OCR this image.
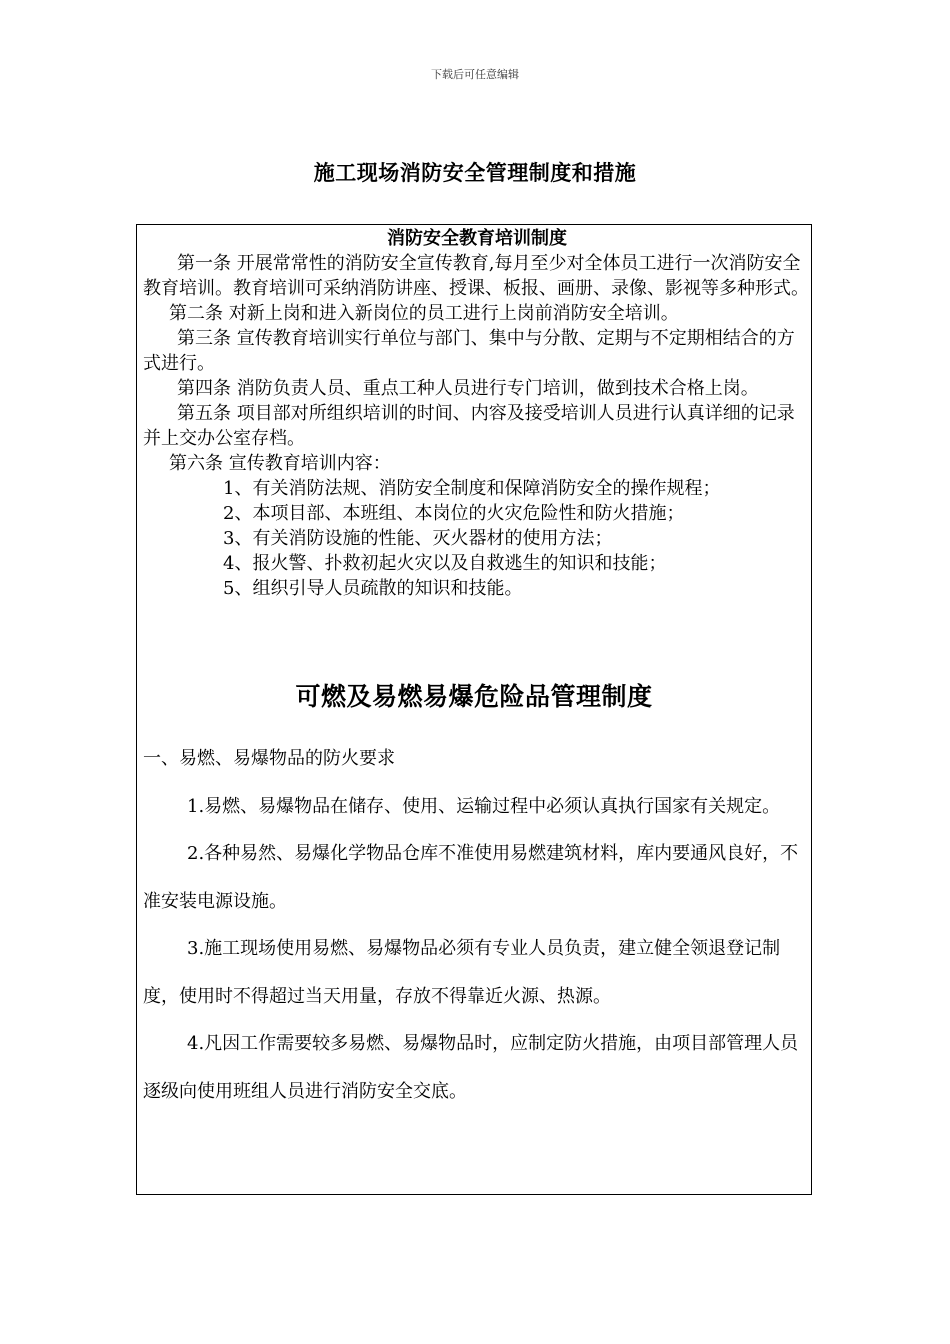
下载后可任意编辑
施工现场消防安全管理制度和措施
消防安全教育培训制度

第一条 开展常常性的消防安全宣传教育,每月至少对全体员工进行一次消防安全教育培训。教育培训可采纳消防讲座、授课、板报、画册、录像、影视等多种形式。

第二条 对新上岗和进入新岗位的员工进行上岗前消防安全培训。

第三条 宣传教育培训实行单位与部门、集中与分散、定期与不定期相结合的方式进行。

第四条 消防负责人员、重点工种人员进行专门培训，做到技术合格上岗。

第五条 项目部对所组织培训的时间、内容及接受培训人员进行认真详细的记录并上交办公室存档。

第六条 宣传教育培训内容：

1、有关消防法规、消防安全制度和保障消防安全的操作规程；

2、本项目部、本班组、本岗位的火灾危险性和防火措施；

3、有关消防设施的性能、灭火器材的使用方法；

4、报火警、扑救初起火灾以及自救逃生的知识和技能；

5、组织引导人员疏散的知识和技能。

可燃及易燃易爆危险品管理制度

一、易燃、易爆物品的防火要求

1.易燃、易爆物品在储存、使用、运输过程中必须认真执行国家有关规定。

2.各种易然、易爆化学物品仓库不准使用易燃建筑材料，库内要通风良好，不准安装电源设施。

3.施工现场使用易燃、易爆物品必须有专业人员负责，建立健全领退登记制度，使用时不得超过当天用量，存放不得靠近火源、热源。

4.凡因工作需要较多易燃、易爆物品时，应制定防火措施，由项目部管理人员逐级向使用班组人员进行消防安全交底。
